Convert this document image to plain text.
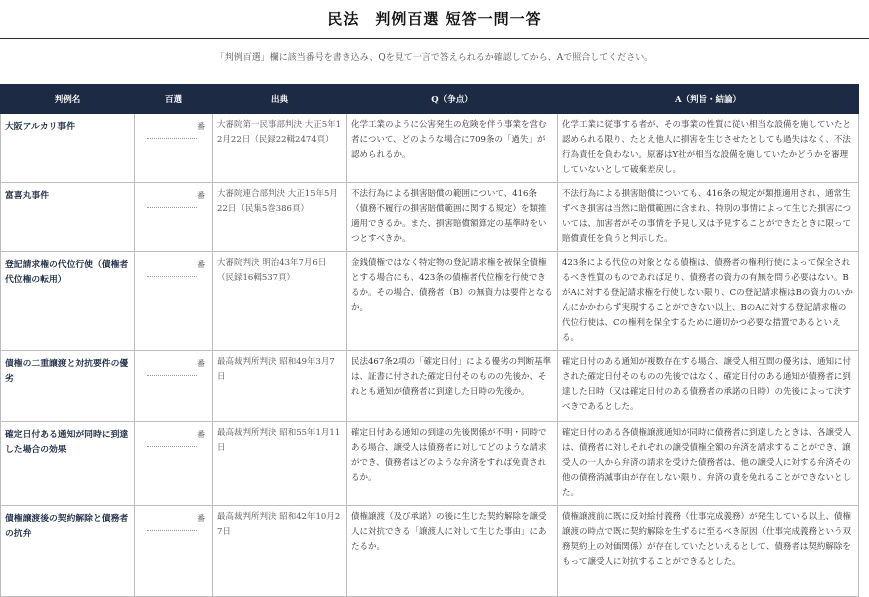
民法　判例百選 短答一問一答
「判例百選」欄に該当番号を書き込み、Qを見て一言で答えられるか確認してから、Aで照合してください。
判例名	百選	出典	Q（争点）	A（判旨・結論）
大阪アルカリ事件	番	大審院第一民事部判決 大正5年12月22日（民録22輯2474頁）	化学工業のように公害発生の危険を伴う事業を営む者について、どのような場合に709条の「過失」が認められるか。	化学工業に従事する者が、その事業の性質に従い相当な設備を施していたと認められる限り、たとえ他人に損害を生じさせたとしても過失はなく、不法行為責任を負わない。原審はY社が相当な設備を施していたかどうかを審理していないとして破棄差戻し。
富喜丸事件	番	大審院連合部判決 大正15年5月22日（民集5巻386頁）	不法行為による損害賠償の範囲について、416条（債務不履行の損害賠償範囲に関する規定）を類推適用できるか。また、損害賠償額算定の基準時をいつとすべきか。	不法行為による損害賠償についても、416条の規定が類推適用され、通常生ずべき損害は当然に賠償範囲に含まれ、特別の事情によって生じた損害については、加害者がその事情を予見し又は予見することができたときに限って賠償責任を負うと判示した。
登記請求権の代位行使（債権者代位権の転用）	番	大審院判決 明治43年7月6日（民録16輯537頁）	金銭債権ではなく特定物の登記請求権を被保全債権とする場合にも、423条の債権者代位権を行使できるか。その場合、債務者（B）の無資力は要件となるか。	423条による代位の対象となる債権は、債務者の権利行使によって保全されるべき性質のものであれば足り、債務者の資力の有無を問う必要はない。BがAに対する登記請求権を行使しない限り、Cの登記請求権はBの資力のいかんにかかわらず実現することができない以上、BのAに対する登記請求権の代位行使は、Cの権利を保全するために適切かつ必要な措置であるといえる。
債権の二重譲渡と対抗要件の優劣	番	最高裁判所判決 昭和49年3月7日	民法467条2項の「確定日付」による優劣の判断基準は、証書に付された確定日付そのものの先後か、それとも通知が債務者に到達した日時の先後か。	確定日付のある通知が複数存在する場合、譲受人相互間の優劣は、通知に付された確定日付そのものの先後ではなく、確定日付のある通知が債務者に到達した日時（又は確定日付のある債務者の承諾の日時）の先後によって決すべきであるとした。
確定日付ある通知が同時に到達した場合の効果	番	最高裁判所判決 昭和55年1月11日	確定日付ある通知の到達の先後関係が不明・同時である場合、譲受人は債務者に対してどのような請求ができ、債務者はどのような弁済をすれば免責されるか。	確定日付のある各債権譲渡通知が同時に債務者に到達したときは、各譲受人は、債務者に対しそれぞれの譲受債権全額の弁済を請求することができ、譲受人の一人から弁済の請求を受けた債務者は、他の譲受人に対する弁済その他の債務消滅事由が存在しない限り、弁済の責を免れることができないとした。
債権譲渡後の契約解除と債務者の抗弁	番	最高裁判所判決 昭和42年10月27日	債権譲渡（及び承諾）の後に生じた契約解除を譲受人に対抗できる「譲渡人に対して生じた事由」にあたるか。	債権譲渡前に既に反対給付義務（仕事完成義務）が発生している以上、債権譲渡の時点で既に契約解除を生ずるに至るべき原因（仕事完成義務という双務契約上の対価関係）が存在していたといえるとして、債務者は契約解除をもって譲受人に対抗することができるとした。
